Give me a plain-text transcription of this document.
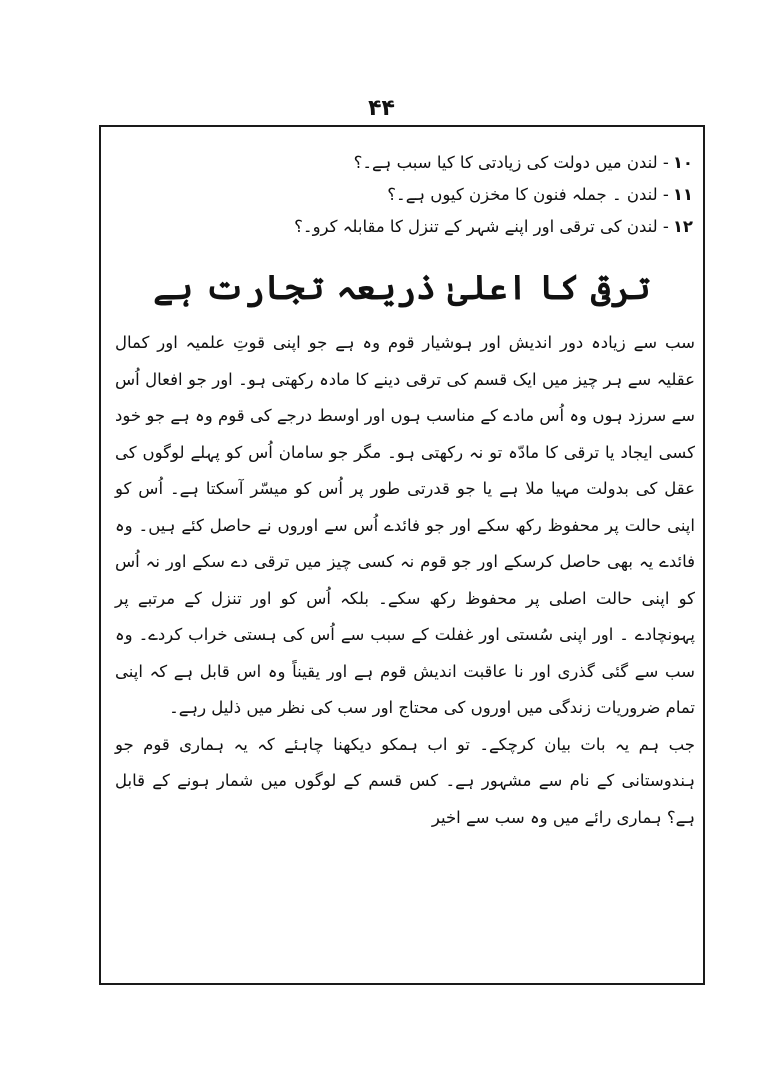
۴۴
۱۰- لندن میں دولت کی زیادتی کا کیا سبب ہے۔؟
۱۱- لندن ۔ جملہ فنون کا مخزن کیوں ہے۔؟
۱۲- لندن کی ترقی اور اپنے شہر کے تنزل کا مقابلہ کرو۔؟
ترقی کا اعلیٰ ذریعہ تجارت ہے

سب سے زیادہ دور اندیش اور ہوشیار قوم وہ ہے جو اپنی قوتِ علمیہ اور کمال عقلیہ سے ہر چیز میں ایک قسم کی ترقی دینے کا مادہ رکھتی ہو۔ اور جو افعال اُس سے سرزد ہوں وہ اُس مادے کے مناسب ہوں اور اوسط درجے کی قوم وہ ہے جو خود کسی ایجاد یا ترقی کا مادّہ تو نہ رکھتی ہو۔ مگر جو سامان اُس کو پہلے لوگوں کی عقل کی بدولت مہیا ملا ہے یا جو قدرتی طور پر اُس کو میسّر آسکتا ہے۔ اُس کو اپنی حالت پر محفوظ رکھ سکے اور جو فائدے اُس سے اوروں نے حاصل کئے ہیں۔ وہ فائدے یہ بھی حاصل کرسکے اور جو قوم نہ کسی چیز میں ترقی دے سکے اور نہ اُس کو اپنی حالت اصلی پر محفوظ رکھ سکے۔ بلکہ اُس کو اور تنزل کے مرتبے پر پہونچادے ۔ اور اپنی سُستی اور غفلت کے سبب سے اُس کی ہستی خراب کردے۔ وہ سب سے گئی گذری اور نا عاقبت اندیش قوم ہے اور یقیناً وہ اس قابل ہے کہ اپنی تمام ضروریات زندگی میں اوروں کی محتاج اور سب کی نظر میں ذلیل رہے۔

جب ہم یہ بات بیان کرچکے۔ تو اب ہمکو دیکھنا چاہئے کہ یہ ہماری قوم جو ہندوستانی کے نام سے مشہور ہے۔ کس قسم کے لوگوں میں شمار ہونے کے قابل ہے؟ ہماری رائے میں وہ سب سے اخیر
